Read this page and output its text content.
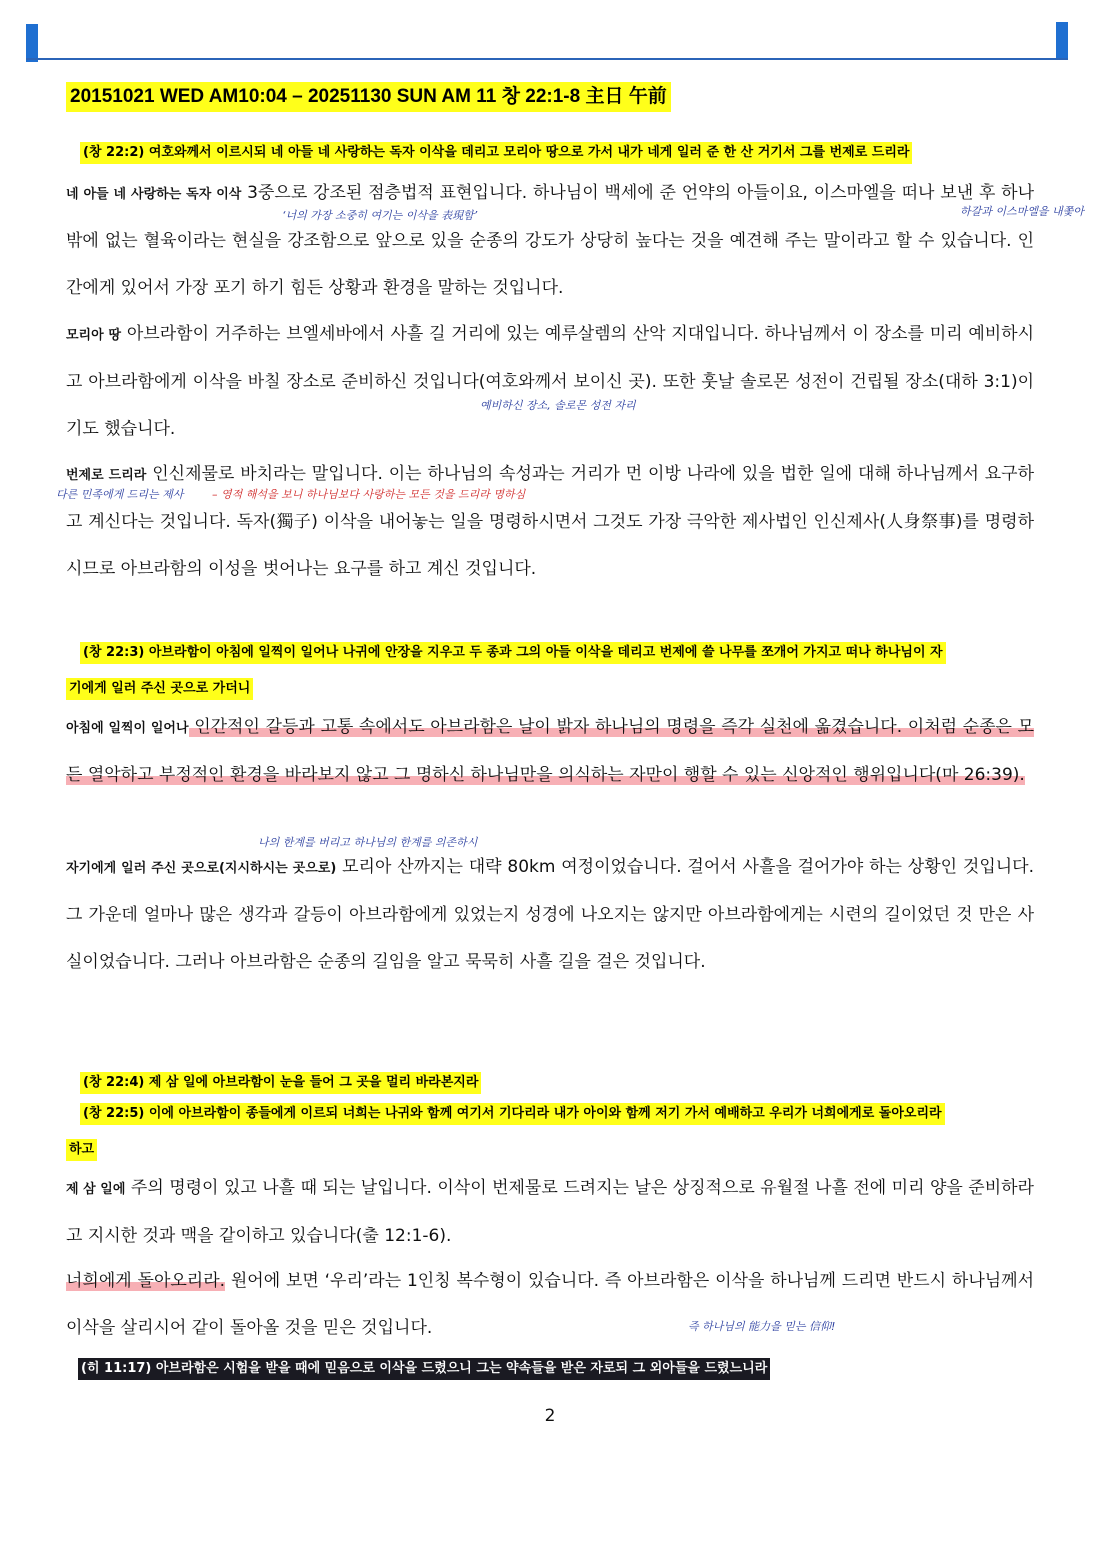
20151021 WED AM10:04 – 20251130 SUN AM 11 창 22:1-8 主日 午前
(창 22:2) 여호와께서 이르시되 네 아들 네 사랑하는 독자 이삭을 데리고 모리아 땅으로 가서 내가 네게 일러 준 한 산 거기서 그를 번제로 드리라
‘너의 가장 소중히 여기는 이삭을 表現함’	하갈과 이스마엘을 내쫓아
네 아들 네 사랑하는 독자 이삭 3중으로 강조된 점층법적 표현입니다. 하나님이 백세에 준 언약의 아들이요, 이스마엘을 떠나 보낸 후 하나 밖에 없는 혈육이라는 현실을 강조함으로 앞으로 있을 순종의 강도가 상당히 높다는 것을 예견해 주는 말이라고 할 수 있습니다. 인간에게 있어서 가장 포기 하기 힘든 상황과 환경을 말하는 것입니다.
예비하신 장소, 솔로몬 성전 자리
모리아 땅 아브라함이 거주하는 브엘세바에서 사흘 길 거리에 있는 예루살렘의 산악 지대입니다. 하나님께서 이 장소를 미리 예비하시고 아브라함에게 이삭을 바칠 장소로 준비하신 것입니다(여호와께서 보이신 곳). 또한 훗날 솔로몬 성전이 건립될 장소(대하 3:1)이기도 했습니다.
다른 민족에게 드리는 제사	– 영적 해석을 보니 하나님보다 사랑하는 모든 것을 드리라 명하심
번제로 드리라 인신제물로 바치라는 말입니다. 이는 하나님의 속성과는 거리가 먼 이방 나라에 있을 법한 일에 대해 하나님께서 요구하고 계신다는 것입니다. 독자(獨子) 이삭을 내어놓는 일을 명령하시면서 그것도 가장 극악한 제사법인 인신제사(人身祭事)를 명령하시므로 아브라함의 이성을 벗어나는 요구를 하고 계신 것입니다.
(창 22:3) 아브라함이 아침에 일찍이 일어나 나귀에 안장을 지우고 두 종과 그의 아들 이삭을 데리고 번제에 쓸 나무를 쪼개어 가지고 떠나 하나님이 자
기에게 일러 주신 곳으로 가더니
아침에 일찍이 일어나 인간적인 갈등과 고통 속에서도 아브라함은 날이 밝자 하나님의 명령을 즉각 실천에 옮겼습니다. 이처럼 순종은 모든 열악하고 부정적인 환경을 바라보지 않고 그 명하신 하나님만을 의식하는 자만이 행할 수 있는 신앙적인 행위입니다(마 26:39).
나의 한계를 버리고 하나님의 한계를 의존하시
자기에게 일러 주신 곳으로(지시하시는 곳으로) 모리아 산까지는 대략 80km 여정이었습니다. 걸어서 사흘을 걸어가야 하는 상황인 것입니다. 그 가운데 얼마나 많은 생각과 갈등이 아브라함에게 있었는지 성경에 나오지는 않지만 아브라함에게는 시련의 길이었던 것 만은 사실이었습니다. 그러나 아브라함은 순종의 길임을 알고 묵묵히 사흘 길을 걸은 것입니다.
(창 22:4) 제 삼 일에 아브라함이 눈을 들어 그 곳을 멀리 바라본지라
(창 22:5) 이에 아브라함이 종들에게 이르되 너희는 나귀와 함께 여기서 기다리라 내가 아이와 함께 저기 가서 예배하고 우리가 너희에게로 돌아오리라
하고
제 삼 일에 주의 명령이 있고 나흘 때 되는 날입니다. 이삭이 번제물로 드려지는 날은 상징적으로 유월절 나흘 전에 미리 양을 준비하라고 지시한 것과 맥을 같이하고 있습니다(출 12:1-6).
너희에게 돌아오리라. 원어에 보면 ‘우리’라는 1인칭 복수형이 있습니다. 즉 아브라함은 이삭을 하나님께 드리면 반드시 하나님께서 이삭을 살리시어 같이 돌아올 것을 믿은 것입니다.	즉 하나님의 能力을 믿는 信仰!
(히 11:17) 아브라함은 시험을 받을 때에 믿음으로 이삭을 드렸으니 그는 약속들을 받은 자로되 그 외아들을 드렸느니라
2
